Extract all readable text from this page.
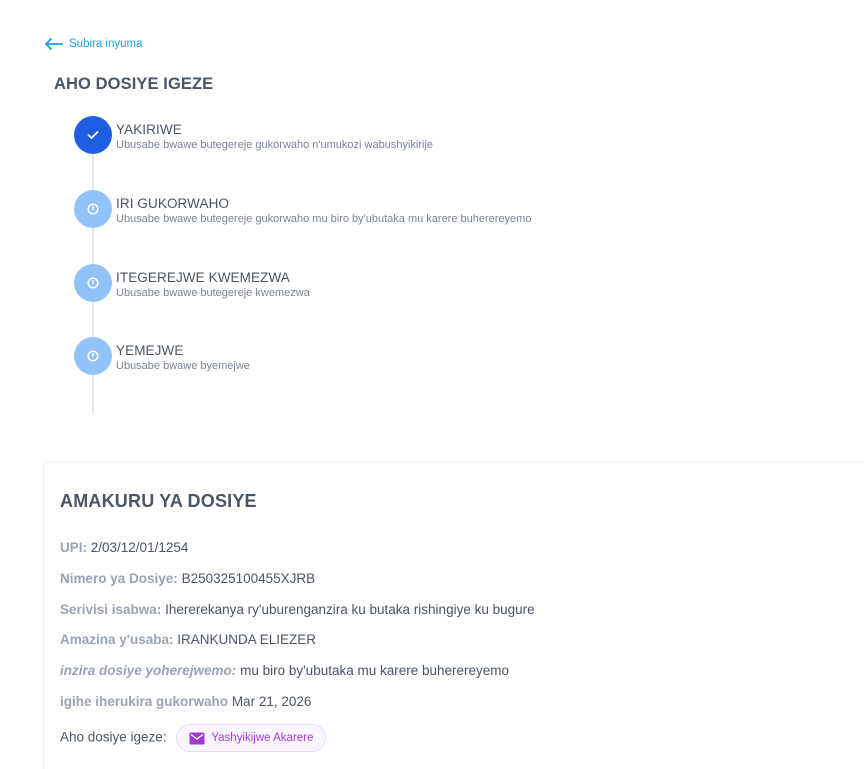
Subira inyuma
AHO DOSIYE IGEZE
YAKIRIWE
Ubusabe bwawe butegereje gukorwaho n'umukozi wabushyikirije
IRI GUKORWAHO
Ubusabe bwawe butegereje gukorwaho mu biro by'ubutaka mu karere buherereyemo
ITEGEREJWE KWEMEZWA
Ubusabe bwawe butegereje kwemezwa
YEMEJWE
Ubusabe bwawe byemejwe
AMAKURU YA DOSIYE
UPI: 2/03/12/01/1254
Nimero ya Dosiye: B250325100455XJRB
Serivisi isabwa: Ihererekanya ry'uburenganzira ku butaka rishingiye ku bugure
Amazina y'usaba: IRANKUNDA ELIEZER
inzira dosiye yoherejwemo: mu biro by'ubutaka mu karere buherereyemo
igihe iherukira gukorwaho Mar 21, 2026
Aho dosiye igeze:	Yashyikijwe Akarere
